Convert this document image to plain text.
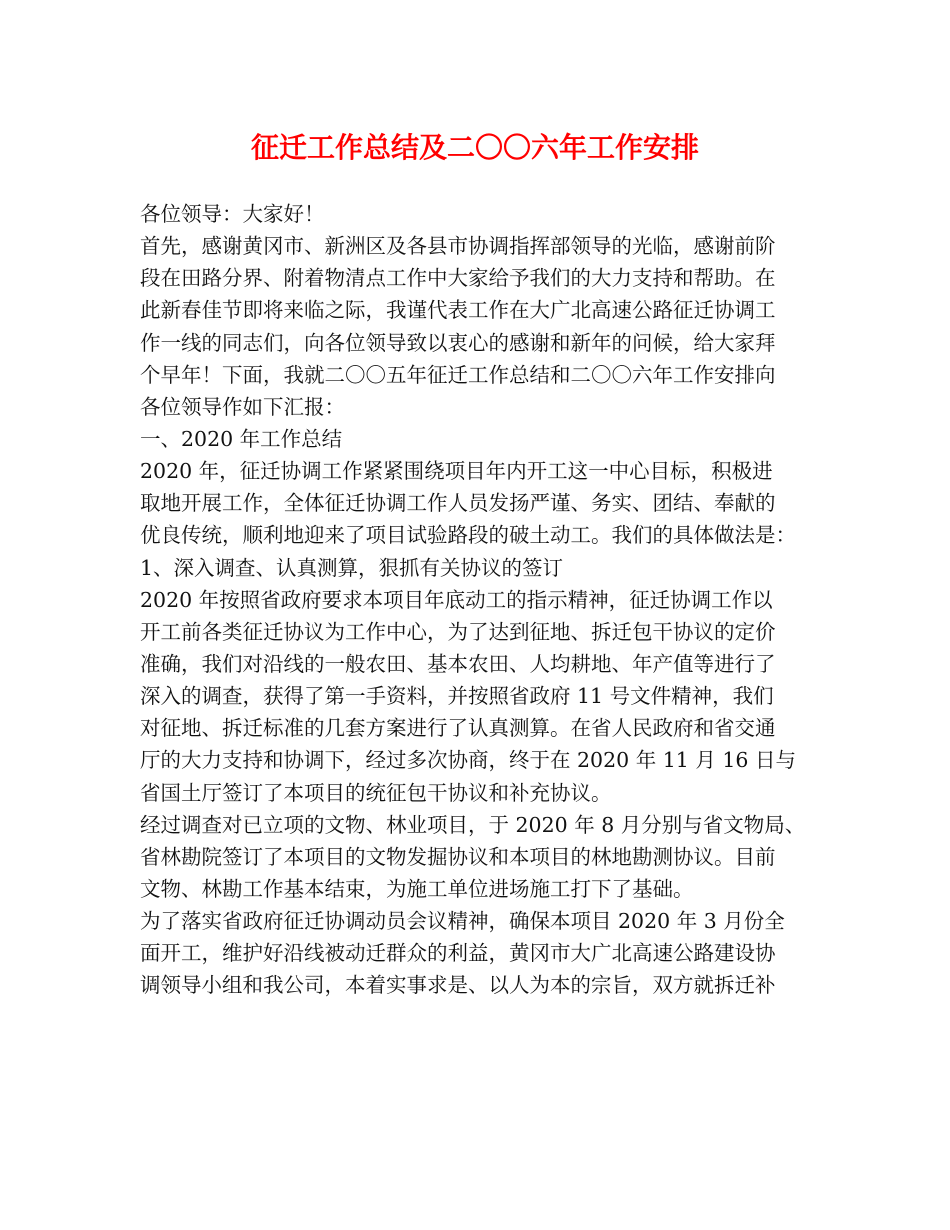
征迁工作总结及二〇〇六年工作安排
各位领导：大家好！
首先，感谢黄冈市、新洲区及各县市协调指挥部领导的光临，感谢前阶
段在田路分界、附着物清点工作中大家给予我们的大力支持和帮助。在
此新春佳节即将来临之际，我谨代表工作在大广北高速公路征迁协调工
作一线的同志们，向各位领导致以衷心的感谢和新年的问候，给大家拜
个早年！下面，我就二〇〇五年征迁工作总结和二〇〇六年工作安排向
各位领导作如下汇报：
一、2020 年工作总结
2020 年，征迁协调工作紧紧围绕项目年内开工这一中心目标，积极进
取地开展工作，全体征迁协调工作人员发扬严谨、务实、团结、奉献的
优良传统，顺利地迎来了项目试验路段的破土动工。我们的具体做法是：
1、深入调查、认真测算，狠抓有关协议的签订
2020 年按照省政府要求本项目年底动工的指示精神，征迁协调工作以
开工前各类征迁协议为工作中心，为了达到征地、拆迁包干协议的定价
准确，我们对沿线的一般农田、基本农田、人均耕地、年产值等进行了
深入的调查，获得了第一手资料，并按照省政府 11 号文件精神，我们
对征地、拆迁标准的几套方案进行了认真测算。在省人民政府和省交通
厅的大力支持和协调下，经过多次协商，终于在 2020 年 11 月 16 日与
省国土厅签订了本项目的统征包干协议和补充协议。
经过调查对已立项的文物、林业项目，于 2020 年 8 月分别与省文物局、
省林勘院签订了本项目的文物发掘协议和本项目的林地勘测协议。目前
文物、林勘工作基本结束，为施工单位进场施工打下了基础。
为了落实省政府征迁协调动员会议精神，确保本项目 2020 年 3 月份全
面开工，维护好沿线被动迁群众的利益，黄冈市大广北高速公路建设协
调领导小组和我公司，本着实事求是、以人为本的宗旨，双方就拆迁补
